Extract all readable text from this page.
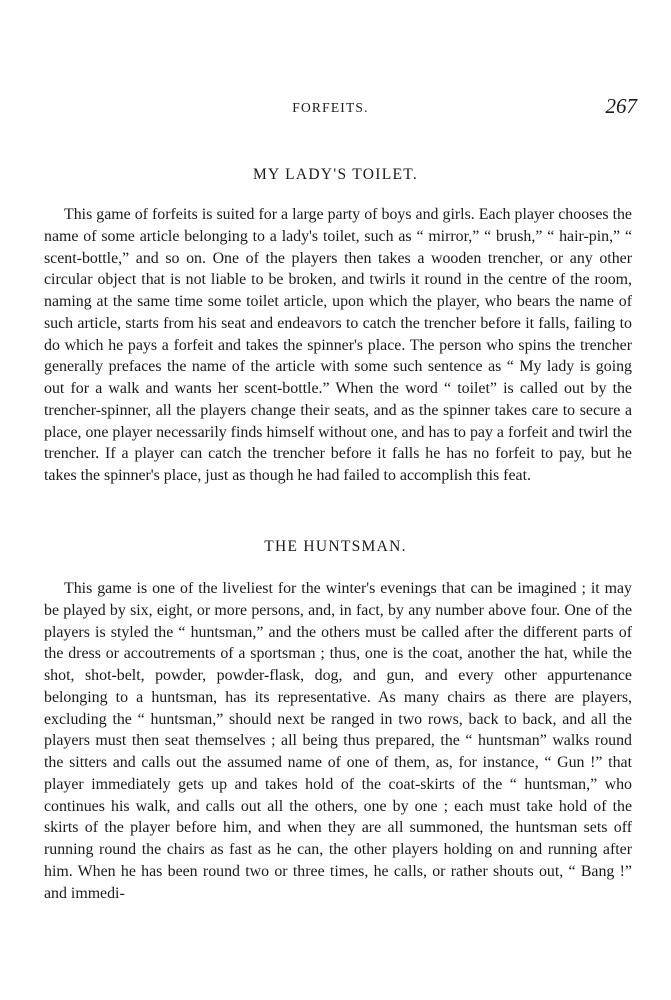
FORFEITS.	267
MY LADY'S TOILET.

This game of forfeits is suited for a large party of boys and girls. Each player chooses the name of some article belonging to a lady's toilet, such as “ mirror,” “ brush,” “ hair-pin,” “ scent-bottle,” and so on. One of the players then takes a wooden trencher, or any other circular object that is not liable to be broken, and twirls it round in the centre of the room, naming at the same time some toilet article, upon which the player, who bears the name of such article, starts from his seat and endeavors to catch the trencher before it falls, failing to do which he pays a forfeit and takes the spinner's place. The person who spins the trencher generally prefaces the name of the article with some such sentence as “ My lady is going out for a walk and wants her scent-bottle.” When the word “ toilet” is called out by the trencher-spinner, all the players change their seats, and as the spinner takes care to secure a place, one player necessarily finds himself without one, and has to pay a forfeit and twirl the trencher. If a player can catch the trencher before it falls he has no forfeit to pay, but he takes the spinner's place, just as though he had failed to accomplish this feat.

THE HUNTSMAN.

This game is one of the liveliest for the winter's evenings that can be imagined ; it may be played by six, eight, or more persons, and, in fact, by any number above four. One of the players is styled the “ huntsman,” and the others must be called after the different parts of the dress or accoutrements of a sportsman ; thus, one is the coat, another the hat, while the shot, shot-belt, powder, powder-flask, dog, and gun, and every other appurtenance belonging to a huntsman, has its representative. As many chairs as there are players, excluding the “ huntsman,” should next be ranged in two rows, back to back, and all the players must then seat themselves ; all being thus prepared, the “ huntsman” walks round the sitters and calls out the assumed name of one of them, as, for instance, “ Gun !” that player immediately gets up and takes hold of the coat-skirts of the “ huntsman,” who continues his walk, and calls out all the others, one by one ; each must take hold of the skirts of the player before him, and when they are all summoned, the huntsman sets off running round the chairs as fast as he can, the other players holding on and running after him. When he has been round two or three times, he calls, or rather shouts out, “ Bang !” and immedi-
